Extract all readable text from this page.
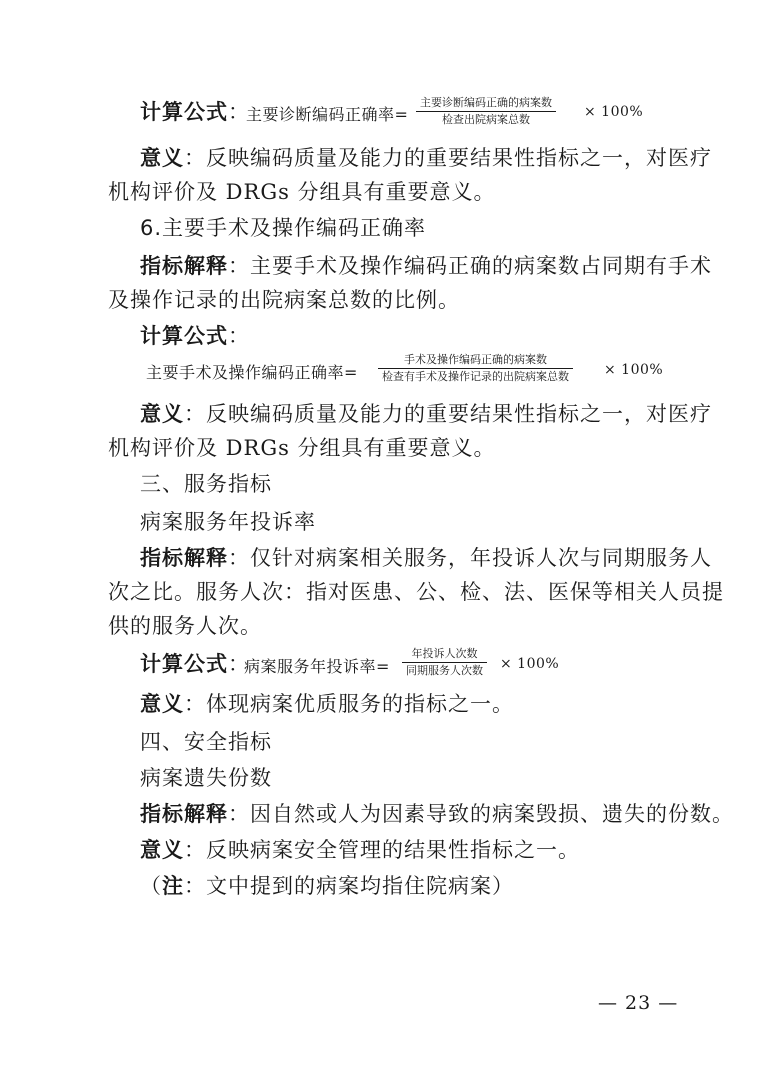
计算公式：
主要诊断编码正确率=
主要诊断编码正确的病案数
检查出院病案总数	× 100%
意义：反映编码质量及能力的重要结果性指标之一，对医疗
机构评价及 DRGs 分组具有重要意义。
6.主要手术及操作编码正确率
指标解释：主要手术及操作编码正确的病案数占同期有手术
及操作记录的出院病案总数的比例。
计算公式：
主要手术及操作编码正确率=
手术及操作编码正确的病案数
检查有手术及操作记录的出院病案总数	× 100%
意义：反映编码质量及能力的重要结果性指标之一，对医疗
机构评价及 DRGs 分组具有重要意义。
三、服务指标
病案服务年投诉率
指标解释：仅针对病案相关服务，年投诉人次与同期服务人
次之比。服务人次：指对医患、公、检、法、医保等相关人员提
供的服务人次。
计算公式：
病案服务年投诉率=
年投诉人次数
同期服务人次数 × 100%
意义：体现病案优质服务的指标之一。
四、安全指标
病案遗失份数
指标解释：因自然或人为因素导致的病案毁损、遗失的份数。
意义：反映病案安全管理的结果性指标之一。
（注：文中提到的病案均指住院病案）
— 23 —
